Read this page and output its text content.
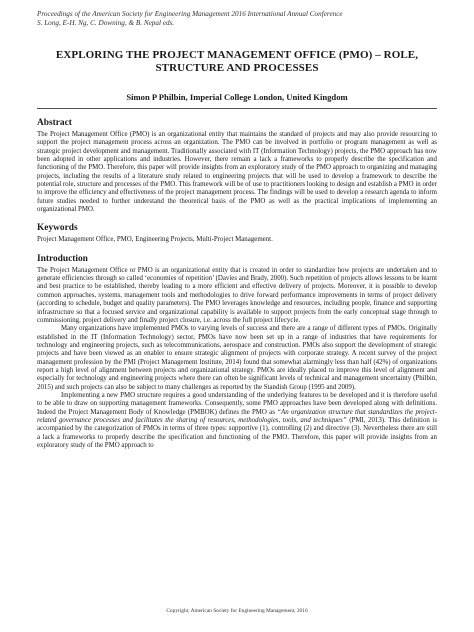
Proceedings of the American Society for Engineering Management 2016 International Annual Conference
S. Long, E-H. Ng, C. Downing, & B. Nepal eds.
EXPLORING THE PROJECT MANAGEMENT OFFICE (PMO) – ROLE, STRUCTURE AND PROCESSES
Simon P Philbin, Imperial College London, United Kingdom
Abstract

The Project Management Office (PMO) is an organizational entity that maintains the standard of projects and may also provide resourcing to support the project management process across an organization. The PMO can be involved in portfolio or program management as well as strategic project development and management. Traditionally associated with IT (Information Technology) projects, the PMO approach has now been adopted in other applications and industries. However, there remain a lack a frameworks to properly describe the specification and functioning of the PMO. Therefore, this paper will provide insights from an exploratory study of the PMO approach to organizing and managing projects, including the results of a literature study related to engineering projects that will be used to develop a framework to describe the potential role, structure and processes of the PMO. This framework will be of use to practitioners looking to design and establish a PMO in order to improve the efficiency and effectiveness of the project management process. The findings will be used to develop a research agenda to inform future studies needed to further understand the theoretical basis of the PMO as well as the practical implications of implementing an organizational PMO.

Keywords
Project Management Office, PMO, Engineering Projects, Multi-Project Management.
Introduction

The Project Management Office or PMO is an organizational entity that is created in order to standardize how projects are undertaken and to generate efficiencies through so called ‘economies of repetition’ (Davies and Brady, 2000). Such repetition of projects allows lessons to be learnt and best practice to be established, thereby leading to a more efficient and effective delivery of projects. Moreover, it is possible to develop common approaches, systems, management tools and methodologies to drive forward performance improvements in terms of project delivery (according to schedule, budget and quality parameters). The PMO leverages knowledge and resources, including people, finance and supporting infrastructure so that a focused service and organizational capability is available to support projects from the early conceptual stage through to commissioning, project delivery and finally project closure, i.e. across the full project lifecycle.

Many organizations have implemented PMOs to varying levels of success and there are a range of different types of PMOs. Originally established in the IT (Information Technology) sector, PMOs have now been set up in a range of industries that have requirements for technology and engineering projects, such as telecommunications, aerospace and construction. PMOs also support the development of strategic projects and have been viewed as an enabler to ensure strategic alignment of projects with corporate strategy. A recent survey of the project management profession by the PMI (Project Management Institute, 2014) found that somewhat alarmingly less than half (42%) of organizations report a high level of alignment between projects and organizational strategy. PMOs are ideally placed to improve this level of alignment and especially for technology and engineering projects where there can often be significant levels of technical and management uncertainty (Philbin, 2015) and such projects can also be subject to many challenges as reported by the Standish Group (1995 and 2009).

Implementing a new PMO structure requires a good understanding of the underlying features to be developed and it is therefore useful to be able to draw on supporting management frameworks. Consequently, some PMO approaches have been developed along with definitions. Indeed the Project Management Body of Knowledge (PMBOK) defines the PMO as “An organization structure that standardizes the project-related governance processes and facilitates the sharing of resources, methodologies, tools, and techniques” (PMI, 2013). This definition is accompanied by the categorization of PMOs in terms of three types: supportive (1), controlling (2) and directive (3). Nevertheless there are still a lack a frameworks to properly describe the specification and functioning of the PMO. Therefore, this paper will provide insights from an exploratory study of the PMO approach to

Copyright, American Society for Engineering Management, 2016
